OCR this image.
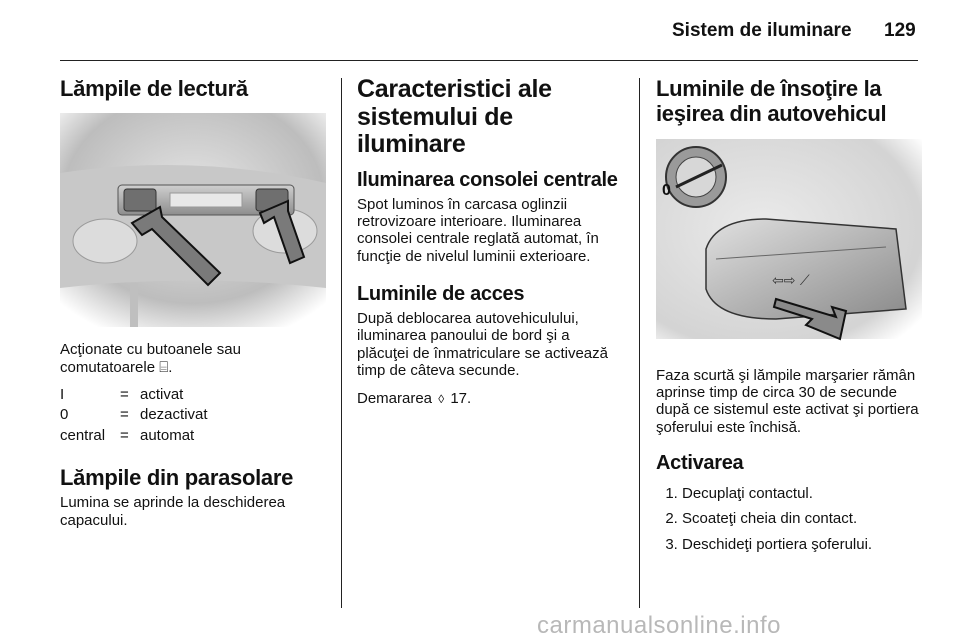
Sistem de iluminare 129
Lămpile de lectură

Acţionate cu butoanele sau comutatoarele ⌸.

I	=	activat
0	=	dezactivat
central	=	automat
Lămpile din parasolare

Lumina se aprinde la deschiderea capacului.

Caracteristici ale sistemului de iluminare
Iluminarea consolei centrale

Spot luminos în carcasa oglinzii retrovizoare interioare. Iluminarea consolei centrale reglată automat, în funcţie de nivelul luminii exterioare.

Luminile de acces

După deblocarea autovehiculului, iluminarea panoului de bord şi a plăcuţei de înmatriculare se activează timp de câteva secunde.

Demararea ◊ 17.

Luminile de însoţire la ieşirea din autovehicul
0
⇦⇨ ⟋

Faza scurtă şi lămpile marşarier rămân aprinse timp de circa 30 de secunde după ce sistemul este activat şi portiera şoferului este închisă.

Activarea
1. Decuplaţi contactul.
2. Scoateţi cheia din contact.
3. Deschideţi portiera şoferului.
carmanualsonline.info
